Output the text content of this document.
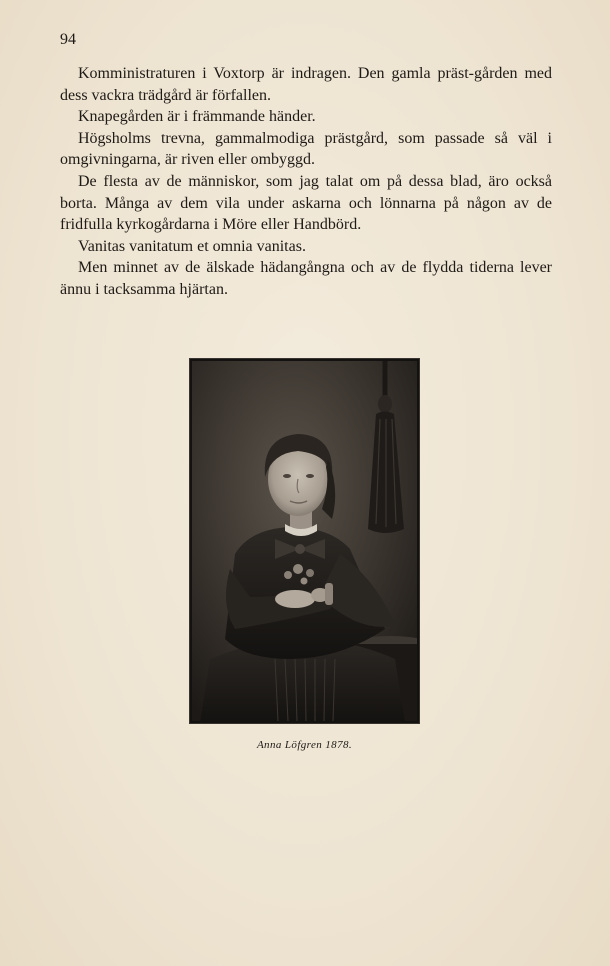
94

Komministraturen i Voxtorp är indragen. Den gamla präst-gården med dess vackra trädgård är förfallen.

Knapegården är i främmande händer.

Högsholms trevna, gammalmodiga prästgård, som passade så väl i omgivningarna, är riven eller ombyggd.

De flesta av de människor, som jag talat om på dessa blad, äro också borta. Många av dem vila under askarna och lönnarna på någon av de fridfulla kyrkogårdarna i Möre eller Handbörd.

Vanitas vanitatum et omnia vanitas.

Men minnet av de älskade hädangångna och av de flydda tiderna lever ännu i tacksamma hjärtan.

Anna Löfgren 1878.
